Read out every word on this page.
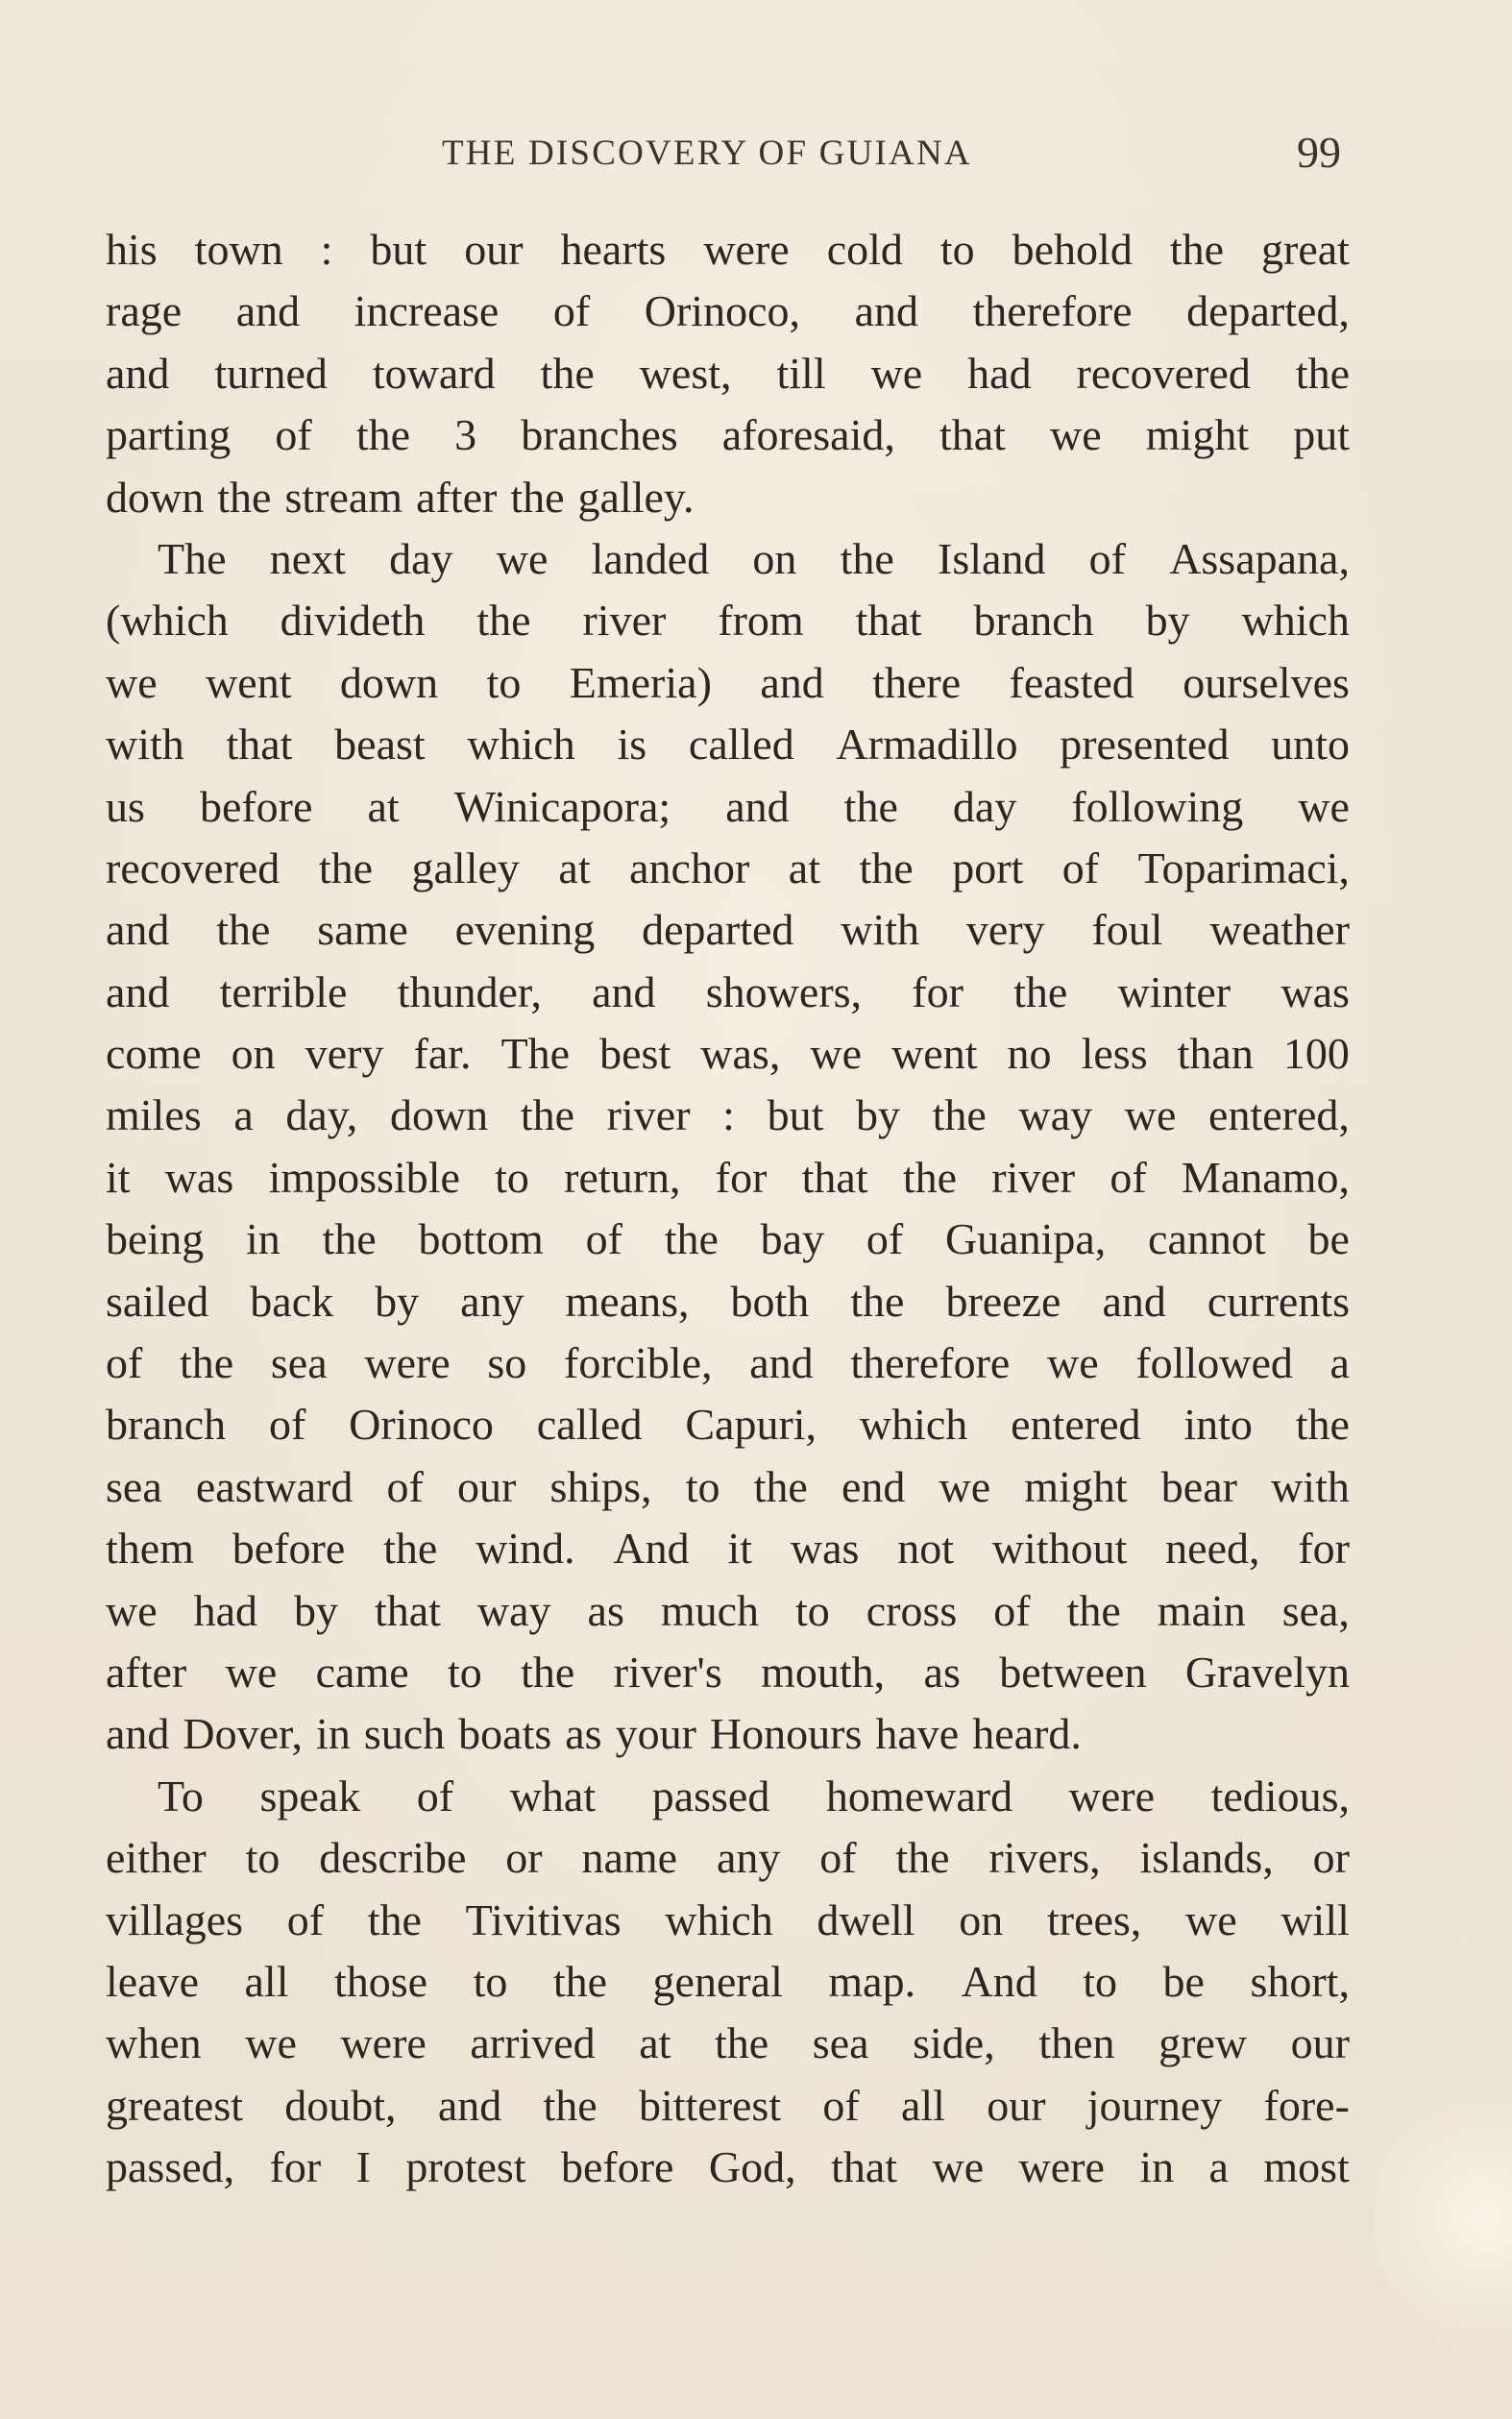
THE DISCOVERY OF GUIANA	99
his town : but our hearts were cold to behold the great
rage and increase of Orinoco, and therefore departed,
and turned toward the west, till we had recovered the
parting of the 3 branches aforesaid, that we might put
down the stream after the galley.
The next day we landed on the Island of Assapana,
(which divideth the river from that branch by which
we went down to Emeria) and there feasted ourselves
with that beast which is called Armadillo presented unto
us before at Winicapora; and the day following we
recovered the galley at anchor at the port of Toparimaci,
and the same evening departed with very foul weather
and terrible thunder, and showers, for the winter was
come on very far. The best was, we went no less than 100
miles a day, down the river : but by the way we entered,
it was impossible to return, for that the river of Manamo,
being in the bottom of the bay of Guanipa, cannot be
sailed back by any means, both the breeze and currents
of the sea were so forcible, and therefore we followed a
branch of Orinoco called Capuri, which entered into the
sea eastward of our ships, to the end we might bear with
them before the wind. And it was not without need, for
we had by that way as much to cross of the main sea,
after we came to the river's mouth, as between Gravelyn
and Dover, in such boats as your Honours have heard.
To speak of what passed homeward were tedious,
either to describe or name any of the rivers, islands, or
villages of the Tivitivas which dwell on trees, we will
leave all those to the general map. And to be short,
when we were arrived at the sea side, then grew our
greatest doubt, and the bitterest of all our journey fore-
passed, for I protest before God, that we were in a most
